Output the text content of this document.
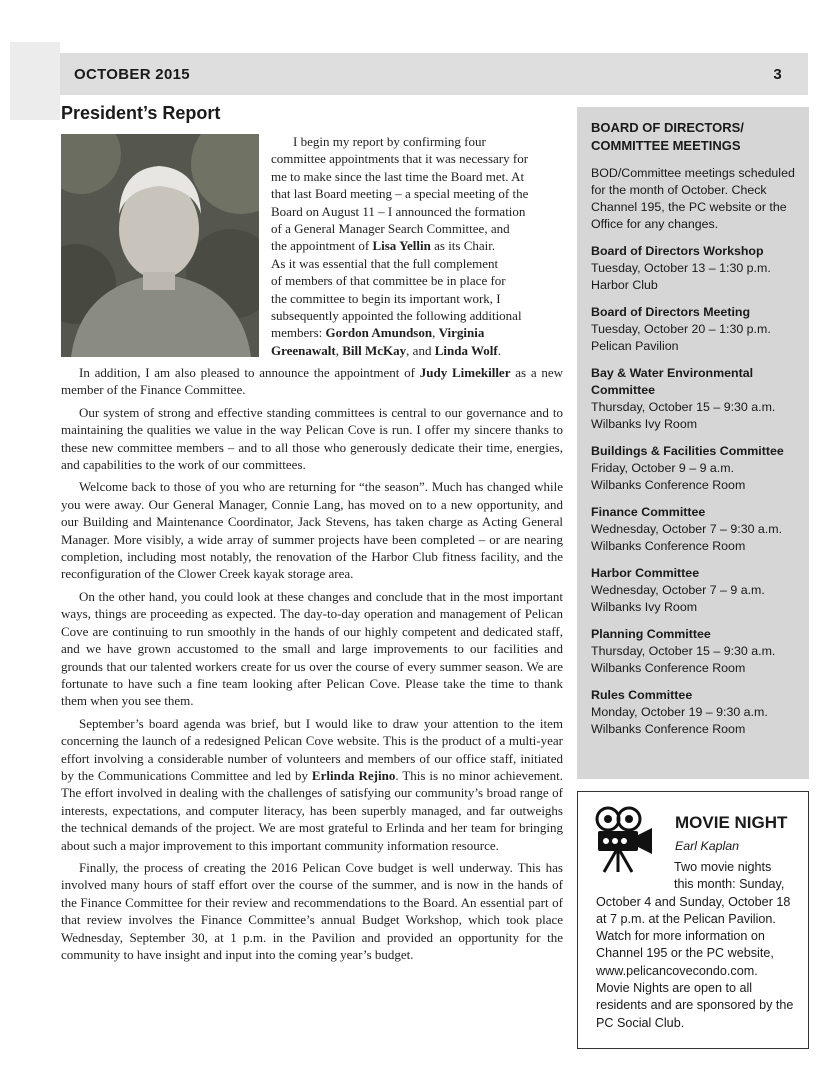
OCTOBER 2015	3
President’s Report
I begin my report by confirming four
committee appointments that it was necessary for
me to make since the last time the Board met. At
that last Board meeting – a special meeting of the
Board on August 11 – I announced the formation
of a General Manager Search Committee, and
the appointment of Lisa Yellin as its Chair.
As it was essential that the full complement
of members of that committee be in place for
the committee to begin its important work, I
subsequently appointed the following additional
members: Gordon Amundson, Virginia
Greenawalt, Bill McKay, and Linda Wolf.

In addition, I am also pleased to announce the appointment of Judy Limekiller as a new member of the Finance Committee.

Our system of strong and effective standing committees is central to our governance and to maintaining the qualities we value in the way Pelican Cove is run. I offer my sincere thanks to these new committee members – and to all those who generously dedicate their time, energies, and capabilities to the work of our committees.

Welcome back to those of you who are returning for “the season”. Much has changed while you were away. Our General Manager, Connie Lang, has moved on to a new opportunity, and our Building and Maintenance Coordinator, Jack Stevens, has taken charge as Acting General Manager. More visibly, a wide array of summer projects have been completed – or are nearing completion, including most notably, the renovation of the Harbor Club fitness facility, and the reconfiguration of the Clower Creek kayak storage area.

On the other hand, you could look at these changes and conclude that in the most important ways, things are proceeding as expected. The day-to-day operation and management of Pelican Cove are continuing to run smoothly in the hands of our highly competent and dedicated staff, and we have grown accustomed to the small and large improvements to our facilities and grounds that our talented workers create for us over the course of every summer season. We are fortunate to have such a fine team looking after Pelican Cove. Please take the time to thank them when you see them.

September’s board agenda was brief, but I would like to draw your attention to the item concerning the launch of a redesigned Pelican Cove website. This is the product of a multi-year effort involving a considerable number of volunteers and members of our office staff, initiated by the Communications Committee and led by Erlinda Rejino. This is no minor achievement. The effort involved in dealing with the challenges of satisfying our community’s broad range of interests, expectations, and computer literacy, has been superbly managed, and far outweighs the technical demands of the project. We are most grateful to Erlinda and her team for bringing about such a major improvement to this important community information resource.

Finally, the process of creating the 2016 Pelican Cove budget is well underway. This has involved many hours of staff effort over the course of the summer, and is now in the hands of the Finance Committee for their review and recommendations to the Board. An essential part of that review involves the Finance Committee’s annual Budget Workshop, which took place Wednesday, September 30, at 1 p.m. in the Pavilion and provided an opportunity for the community to have insight and input into the coming year’s budget.

BOARD OF DIRECTORS/
COMMITTEE MEETINGS
BOD/Committee meetings scheduled for the month of October. Check Channel 195, the PC website or the Office for any changes.
Board of Directors Workshop
Tuesday, October 13 – 1:30 p.m.
Harbor Club
Board of Directors Meeting
Tuesday, October 20 – 1:30 p.m.
Pelican Pavilion
Bay & Water Environmental Committee
Thursday, October 15 – 9:30 a.m.
Wilbanks Ivy Room
Buildings & Facilities Committee
Friday, October 9 – 9 a.m.
Wilbanks Conference Room
Finance Committee
Wednesday, October 7 – 9:30 a.m.
Wilbanks Conference Room
Harbor Committee
Wednesday, October 7 – 9 a.m.
Wilbanks Ivy Room
Planning Committee
Thursday, October 15 – 9:30 a.m.
Wilbanks Conference Room
Rules Committee
Monday, October 19 – 9:30 a.m.
Wilbanks Conference Room

MOVIE NIGHT

Earl Kaplan

Two movie nights
this month: Sunday,
October 4 and Sunday, October 18
at 7 p.m. at the Pelican Pavilion.
Watch for more information on
Channel 195 or the PC website,
www.pelicancovecondo.com.
Movie Nights are open to all
residents and are sponsored by the
PC Social Club.
